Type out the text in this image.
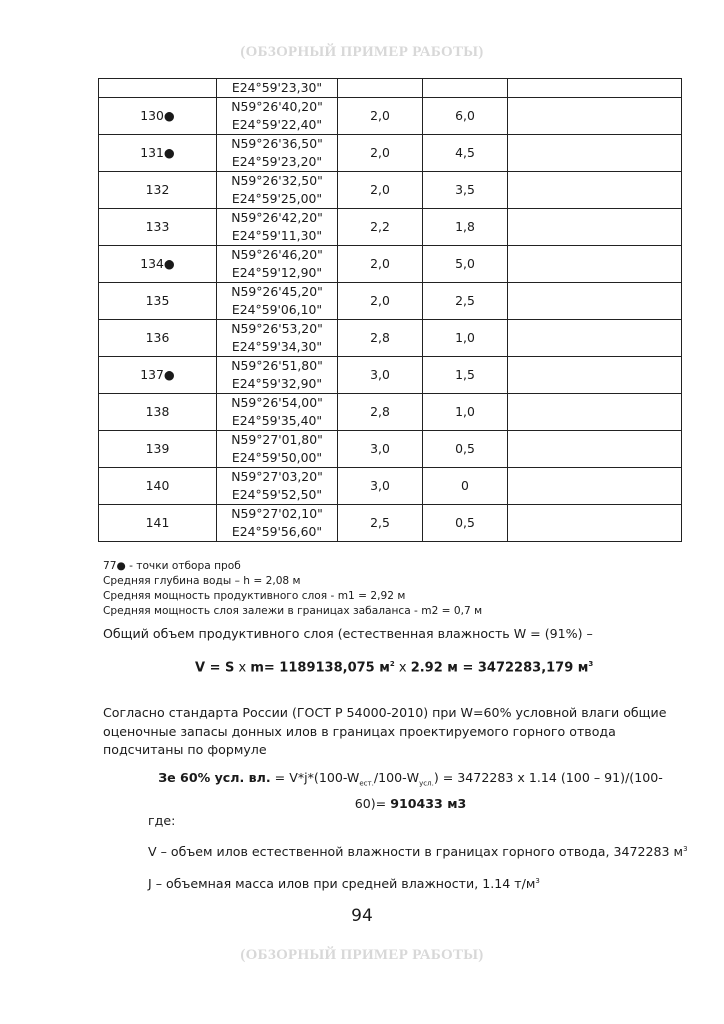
(ОБЗОРНЫЙ ПРИМЕР РАБОТЫ)
	E24°59'23,30"			
130●	N59°26'40,20"
E24°59'22,40"	2,0	6,0	
131●	N59°26'36,50"
E24°59'23,20"	2,0	4,5	
132	N59°26'32,50"
E24°59'25,00"	2,0	3,5	
133	N59°26'42,20"
E24°59'11,30"	2,2	1,8	
134●	N59°26'46,20"
E24°59'12,90"	2,0	5,0	
135	N59°26'45,20"
E24°59'06,10"	2,0	2,5	
136	N59°26'53,20"
E24°59'34,30"	2,8	1,0	
137●	N59°26'51,80"
E24°59'32,90"	3,0	1,5	
138	N59°26'54,00"
E24°59'35,40"	2,8	1,0	
139	N59°27'01,80"
E24°59'50,00"	3,0	0,5	
140	N59°27'03,20"
E24°59'52,50"	3,0	0	
141	N59°27'02,10"
E24°59'56,60"	2,5	0,5	
77● - точки отбора проб
Средняя глубина воды – h = 2,08 м
Средняя мощность продуктивного слоя - m1 = 2,92 м
Средняя мощность слоя залежи в границах забаланса - m2 = 0,7 м
Общий объем продуктивного слоя (естественная влажность W = (91%) –
V = S x m= 1189138,075 $м^2$ x 2.92 м = 3472283,179 $м^3$
Согласно стандарта России (ГОСТ Р 54000-2010) при W=60% условной влаги общие оценочные запасы донных илов в границах проектируемого горного отвода подсчитаны по формуле
Зе 60% усл. вл. = $V*j*(100-W_{ест.}/100-W_{усл.}) = 3472283$ x 1.14 (100 – 91)/(100-60)= 910433 м3
где:
V – объем илов естественной влажности в границах горного отвода, 3472283 $м^3$
J – объемная масса илов при средней влажности, 1.14 $т/м^3$
94
(ОБЗОРНЫЙ ПРИМЕР РАБОТЫ)
